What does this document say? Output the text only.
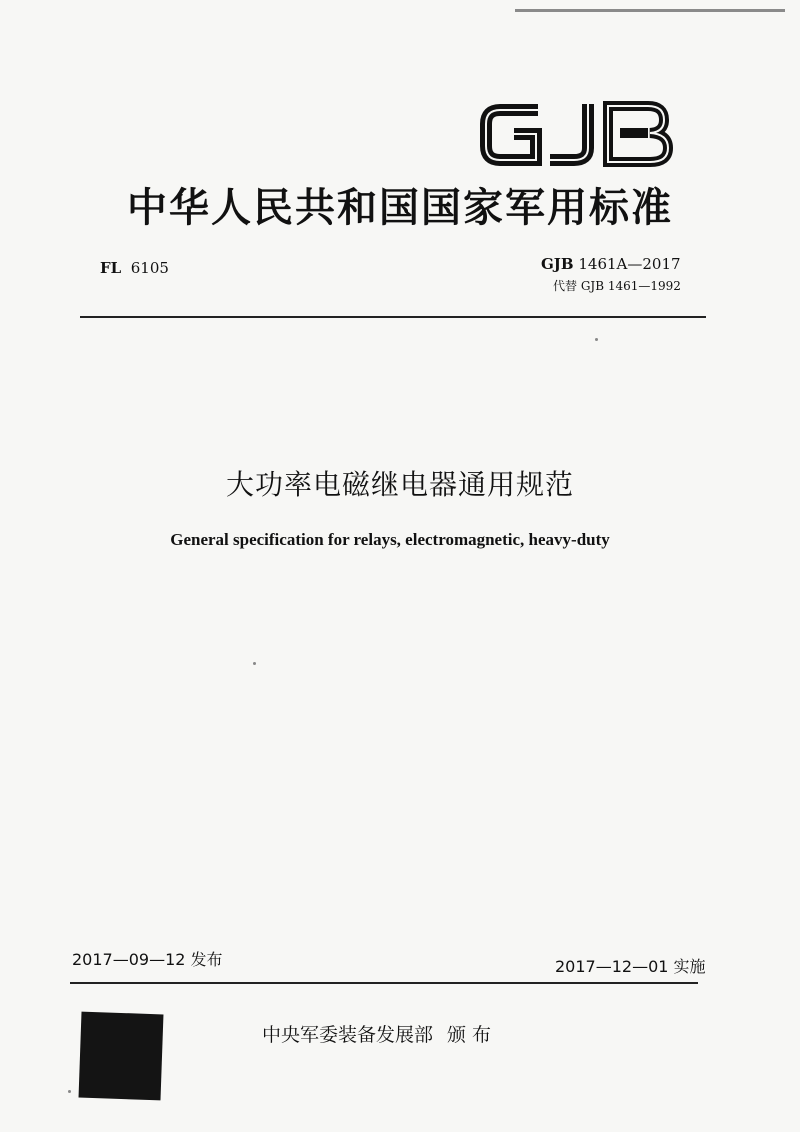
中华人民共和国国家军用标准
FL 6105	GJB 1461A—2017
代替 GJB 1461—1992
大功率电磁继电器通用规范
General specification for relays, electromagnetic, heavy-duty
2017—09—12 发布	2017—12—01 实施
中央军委装备发展部 颁 布
